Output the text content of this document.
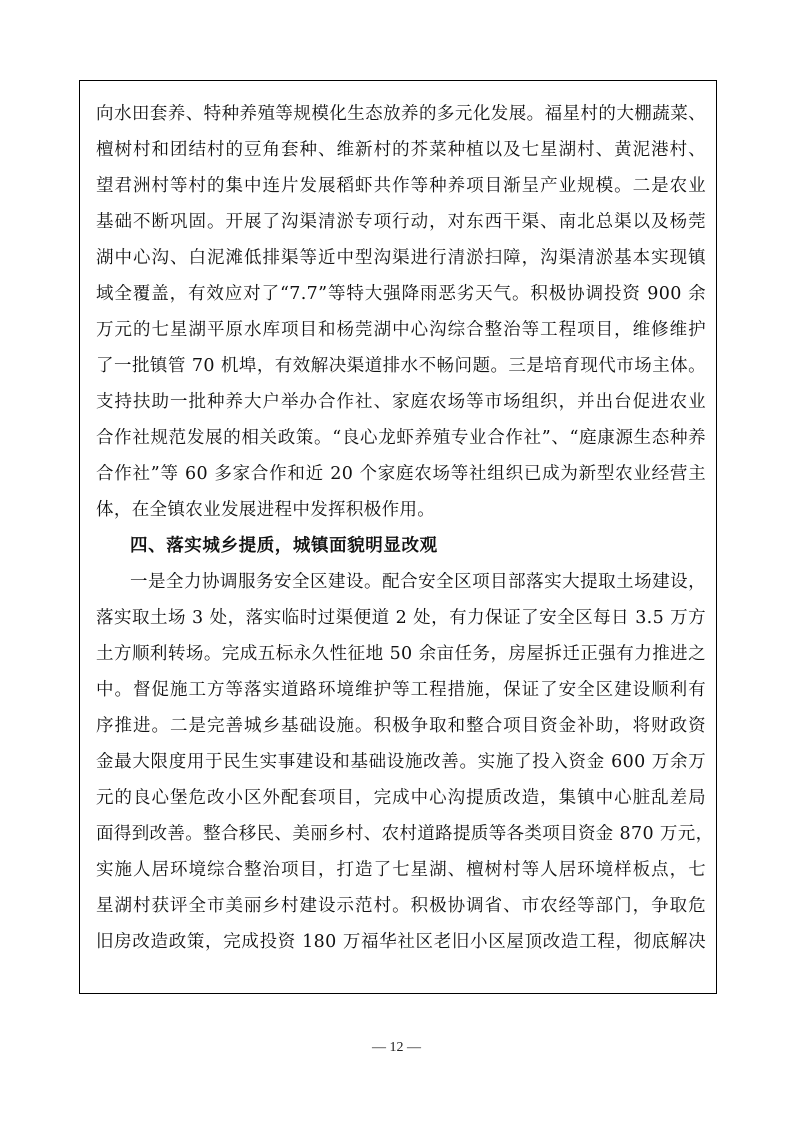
向水田套养、特种养殖等规模化生态放养的多元化发展。福星村的大棚蔬菜、
檀树村和团结村的豆角套种、维新村的芥菜种植以及七星湖村、黄泥港村、
望君洲村等村的集中连片发展稻虾共作等种养项目渐呈产业规模。二是农业
基础不断巩固。开展了沟渠清淤专项行动，对东西干渠、南北总渠以及杨莞
湖中心沟、白泥滩低排渠等近中型沟渠进行清淤扫障，沟渠清淤基本实现镇
域全覆盖，有效应对了“7.7”等特大强降雨恶劣天气。积极协调投资 900 余
万元的七星湖平原水库项目和杨莞湖中心沟综合整治等工程项目，维修维护
了一批镇管 70 机埠，有效解决渠道排水不畅问题。三是培育现代市场主体。
支持扶助一批种养大户举办合作社、家庭农场等市场组织，并出台促进农业
合作社规范发展的相关政策。“良心龙虾养殖专业合作社”、“庭康源生态种养
合作社”等 60 多家合作和近 20 个家庭农场等社组织已成为新型农业经营主
体，在全镇农业发展进程中发挥积极作用。
四、落实城乡提质，城镇面貌明显改观
一是全力协调服务安全区建设。配合安全区项目部落实大提取土场建设，
落实取土场 3 处，落实临时过渠便道 2 处，有力保证了安全区每日 3.5 万方
土方顺利转场。完成五标永久性征地 50 余亩任务，房屋拆迁正强有力推进之
中。督促施工方等落实道路环境维护等工程措施，保证了安全区建设顺利有
序推进。二是完善城乡基础设施。积极争取和整合项目资金补助，将财政资
金最大限度用于民生实事建设和基础设施改善。实施了投入资金 600 万余万
元的良心堡危改小区外配套项目，完成中心沟提质改造，集镇中心脏乱差局
面得到改善。整合移民、美丽乡村、农村道路提质等各类项目资金 870 万元，
实施人居环境综合整治项目，打造了七星湖、檀树村等人居环境样板点，七
星湖村获评全市美丽乡村建设示范村。积极协调省、市农经等部门，争取危
旧房改造政策，完成投资 180 万福华社区老旧小区屋顶改造工程，彻底解决
— 12 —
